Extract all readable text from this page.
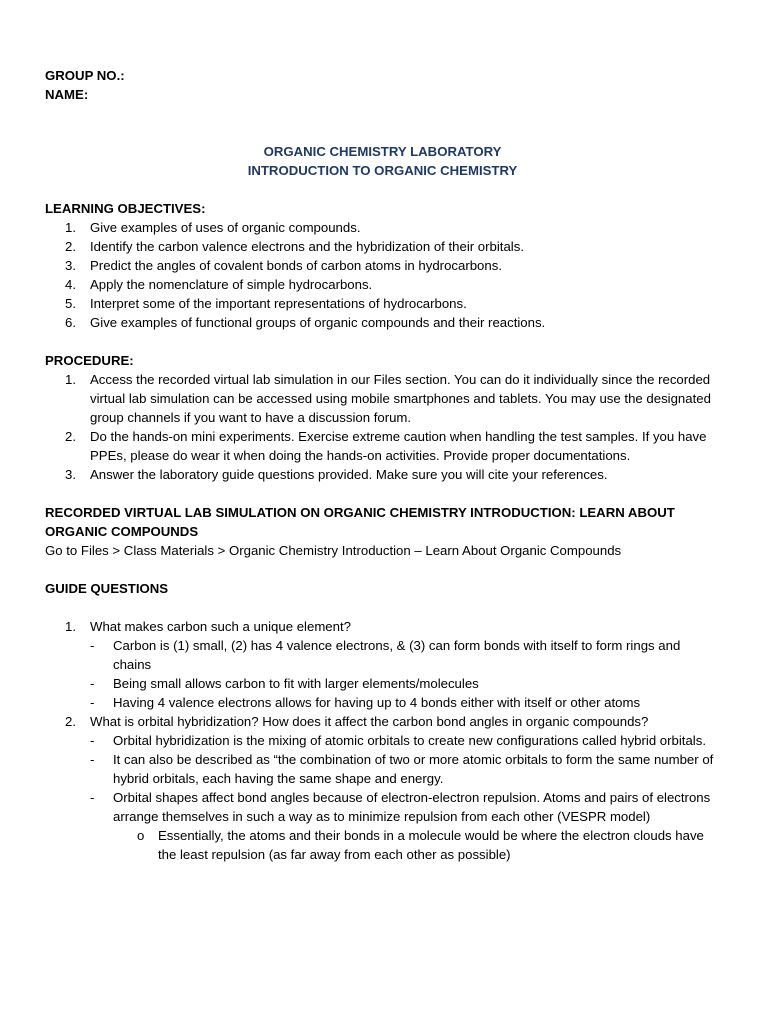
GROUP NO.:
NAME:
ORGANIC CHEMISTRY LABORATORY
INTRODUCTION TO ORGANIC CHEMISTRY
LEARNING OBJECTIVES:
1.	Give examples of uses of organic compounds.
2.	Identify the carbon valence electrons and the hybridization of their orbitals.
3.	Predict the angles of covalent bonds of carbon atoms in hydrocarbons.
4.	Apply the nomenclature of simple hydrocarbons.
5.	Interpret some of the important representations of hydrocarbons.
6.	Give examples of functional groups of organic compounds and their reactions.
PROCEDURE:
1.	Access the recorded virtual lab simulation in our Files section. You can do it individually since the recorded virtual lab simulation can be accessed using mobile smartphones and tablets. You may use the designated group channels if you want to have a discussion forum.
2.	Do the hands-on mini experiments. Exercise extreme caution when handling the test samples. If you have PPEs, please do wear it when doing the hands-on activities. Provide proper documentations.
3.	Answer the laboratory guide questions provided. Make sure you will cite your references.
RECORDED VIRTUAL LAB SIMULATION ON ORGANIC CHEMISTRY INTRODUCTION: LEARN ABOUT ORGANIC COMPOUNDS
Go to Files > Class Materials > Organic Chemistry Introduction – Learn About Organic Compounds
GUIDE QUESTIONS
1.	What makes carbon such a unique element?
- Carbon is (1) small, (2) has 4 valence electrons, & (3) can form bonds with itself to form rings and chains
- Being small allows carbon to fit with larger elements/molecules
- Having 4 valence electrons allows for having up to 4 bonds either with itself or other atoms
2.	What is orbital hybridization? How does it affect the carbon bond angles in organic compounds?
- Orbital hybridization is the mixing of atomic orbitals to create new configurations called hybrid orbitals.
- It can also be described as “the combination of two or more atomic orbitals to form the same number of hybrid orbitals, each having the same shape and energy.
- Orbital shapes affect bond angles because of electron-electron repulsion. Atoms and pairs of electrons arrange themselves in such a way as to minimize repulsion from each other (VESPR model)
o Essentially, the atoms and their bonds in a molecule would be where the electron clouds have the least repulsion (as far away from each other as possible)
